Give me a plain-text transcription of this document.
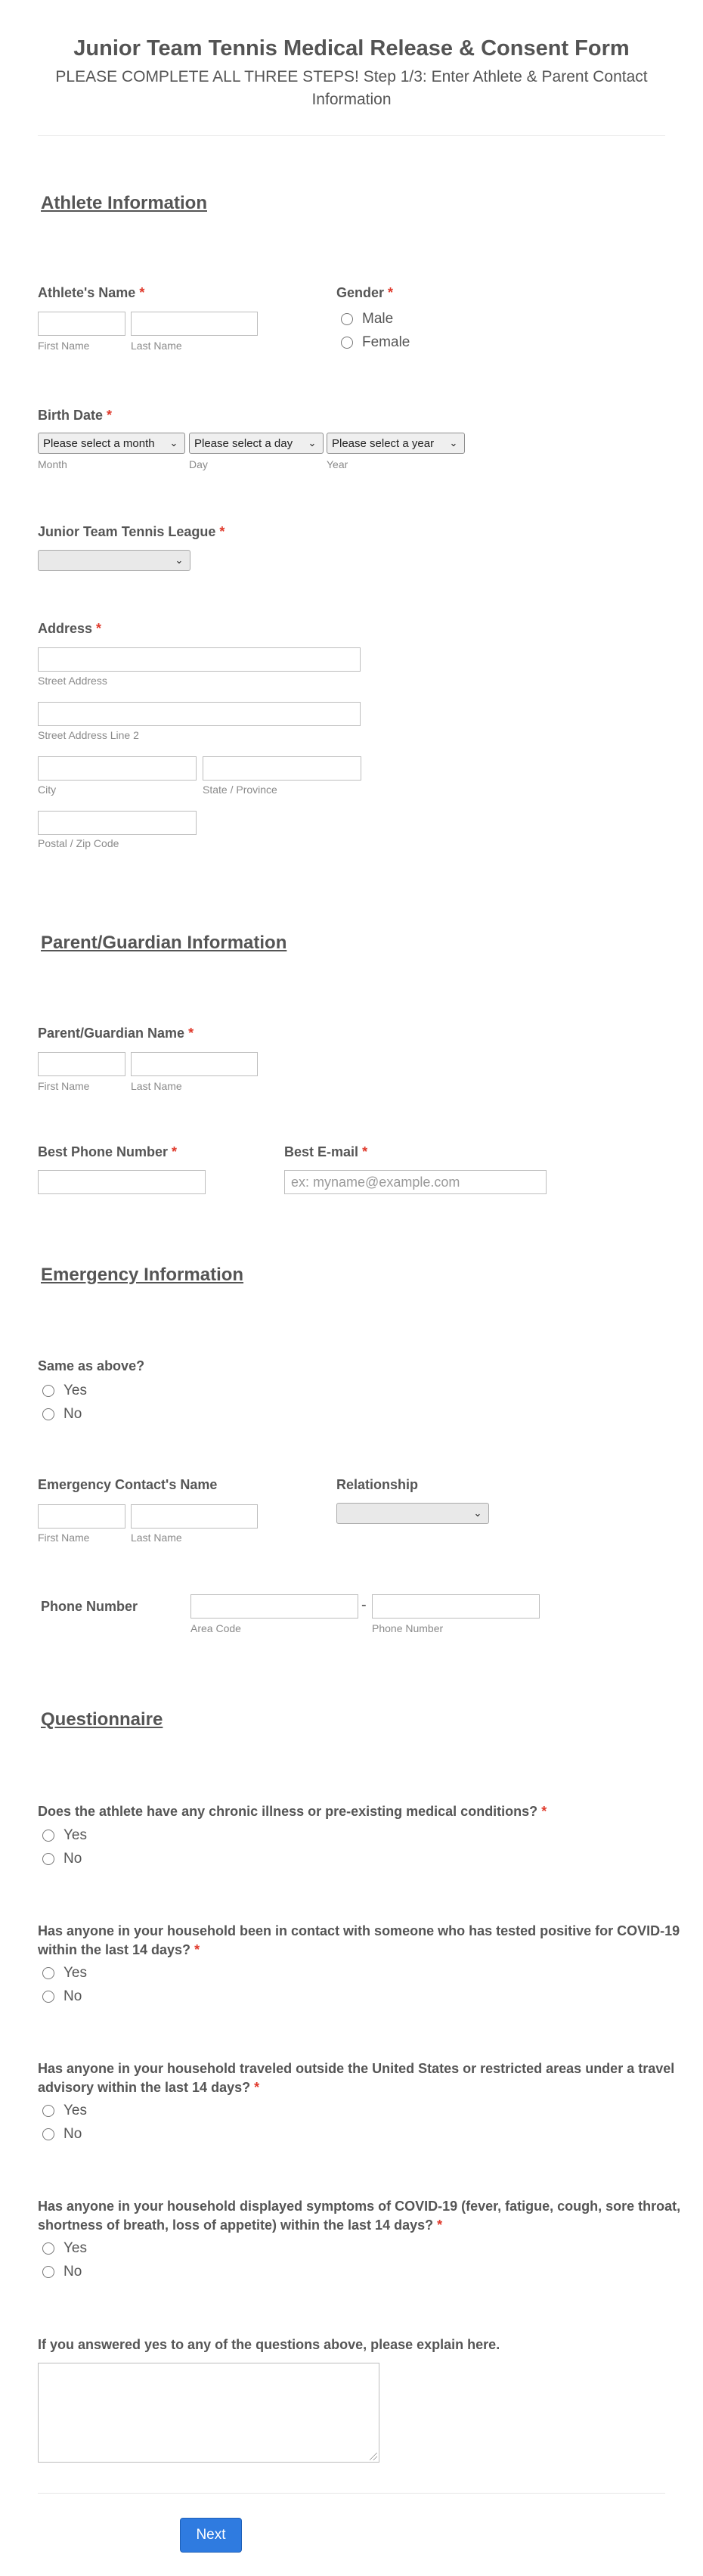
Junior Team Tennis Medical Release & Consent Form
PLEASE COMPLETE ALL THREE STEPS! Step 1/3: Enter Athlete & Parent Contact Information
Athlete Information
Athlete's Name *
First Name	Last Name
Gender *
Male
Female
Birth Date *
Please select a month	⌄ Please select a day	⌄ Please select a year	⌄
Month	Day	Year
Junior Team Tennis League *
⌄
Address *
Street Address
Street Address Line 2
City	State / Province
Postal / Zip Code
Parent/Guardian Information
Parent/Guardian Name *
First Name	Last Name
Best Phone Number *	Best E-mail *
ex: myname@example.com
Emergency Information
Same as above?
Yes
No
Emergency Contact's Name
First Name	Last Name
Relationship
⌄
Phone Number	-
Area Code	Phone Number
Questionnaire
Does the athlete have any chronic illness or pre-existing medical conditions? *
Yes
No
Has anyone in your household been in contact with someone who has tested positive for COVID-19 within the last 14 days? *
Yes
No
Has anyone in your household traveled outside the United States or restricted areas under a travel advisory within the last 14 days? *
Yes
No
Has anyone in your household displayed symptoms of COVID-19 (fever, fatigue, cough, sore throat, shortness of breath, loss of appetite) within the last 14 days? *
Yes
No
If you answered yes to any of the questions above, please explain here.
Next
